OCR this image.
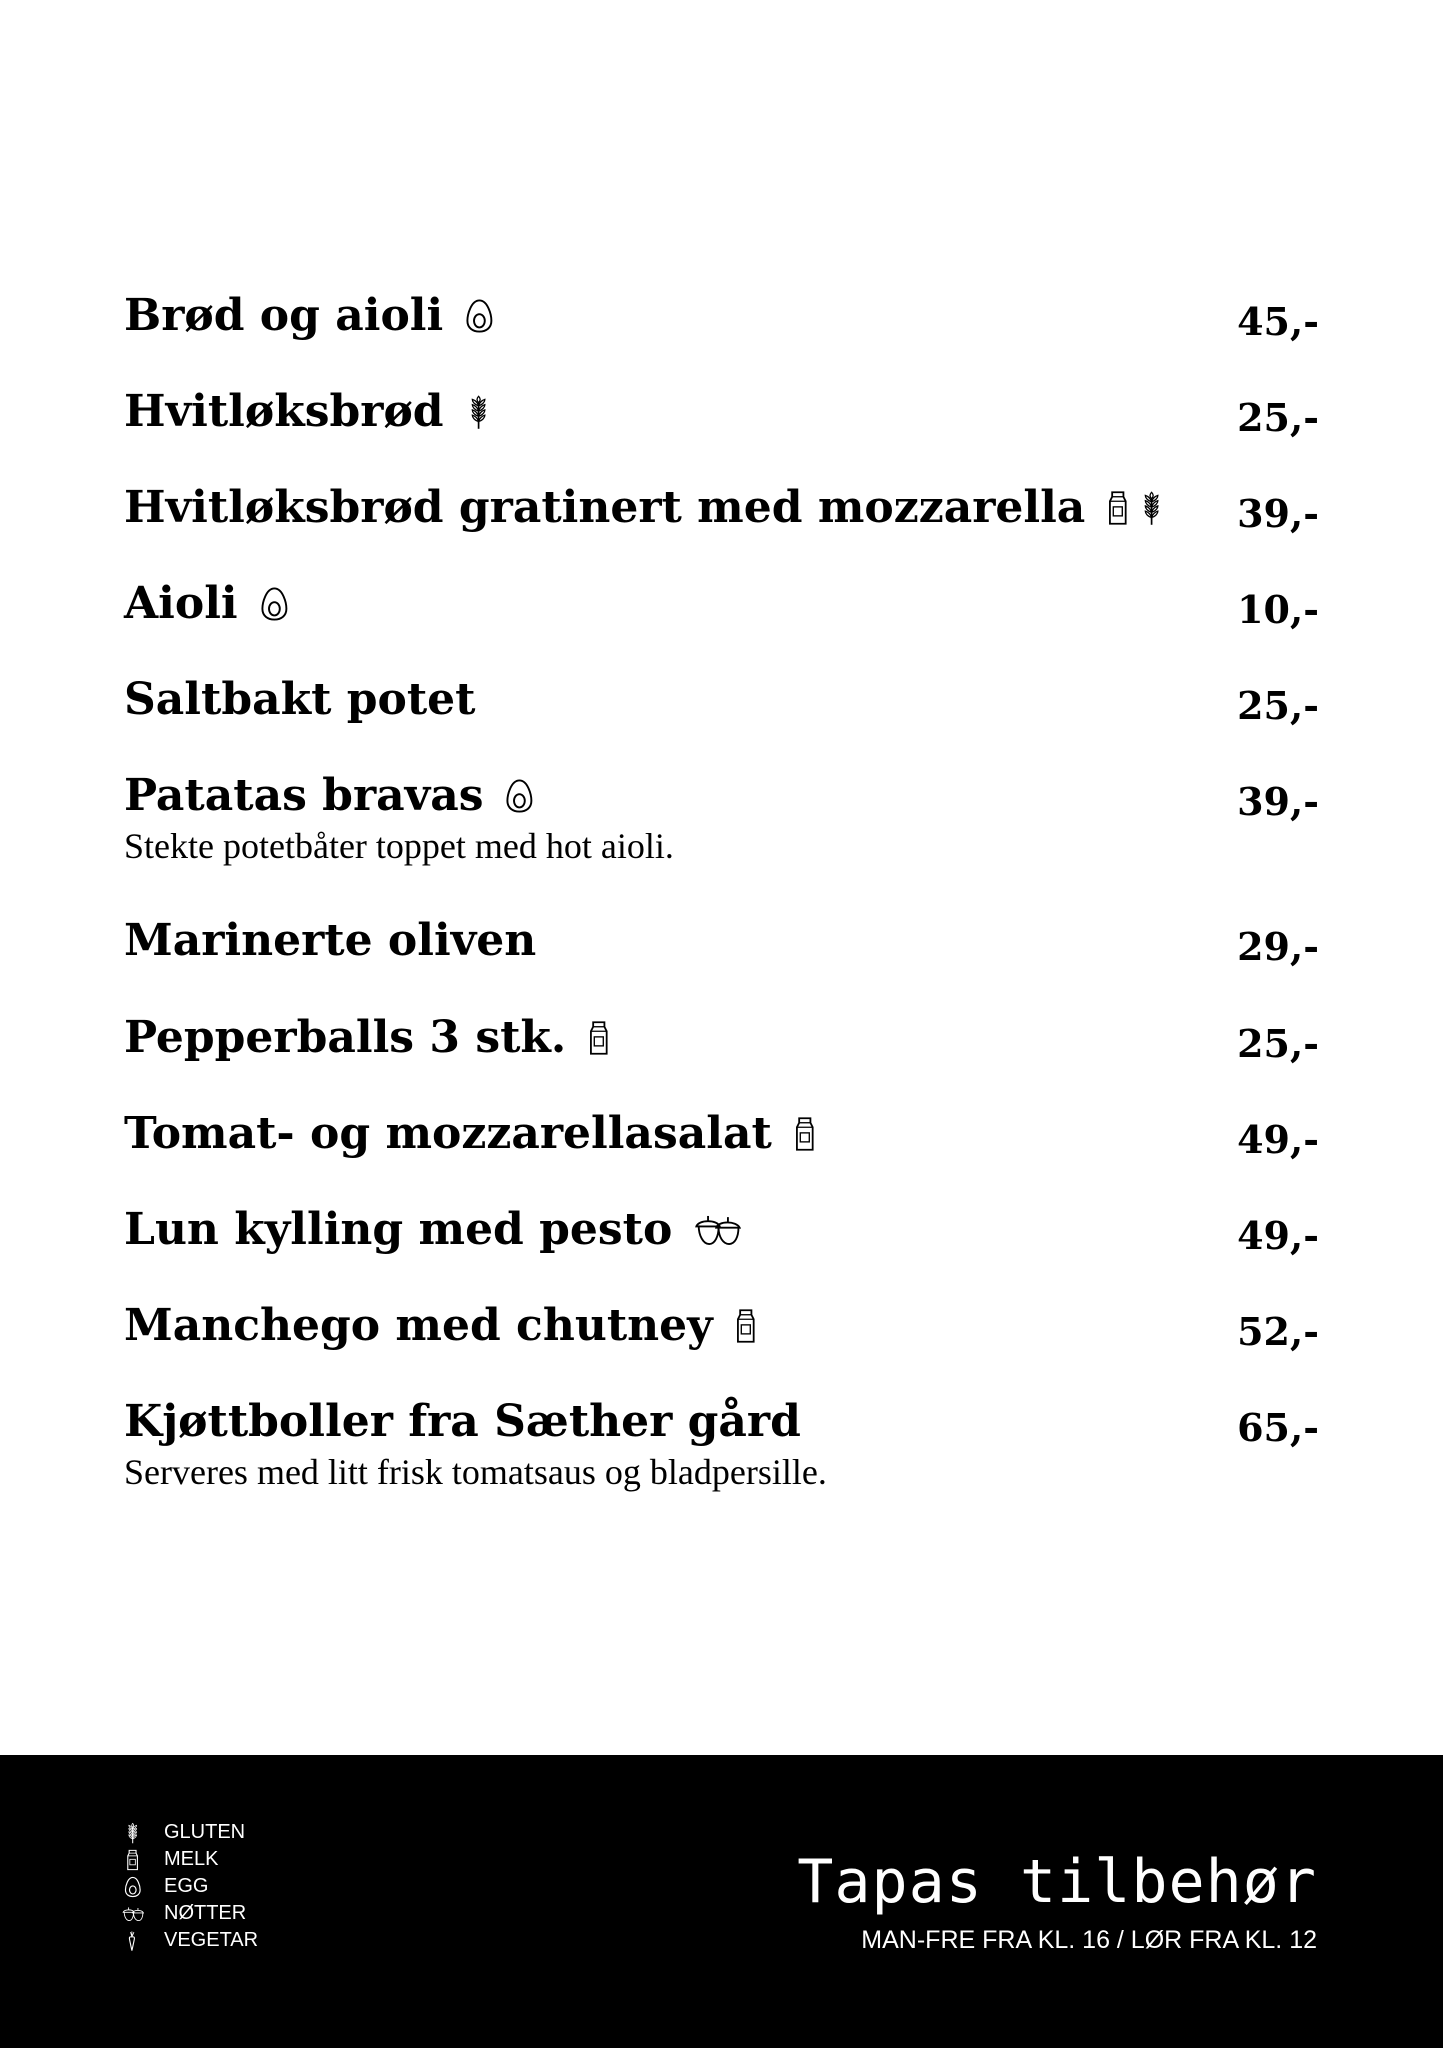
Brød og aioli	45,-
Hvitløksbrød	25,-
Hvitløksbrød gratinert med mozzarella	39,-
Aioli	10,-
Saltbakt potet	25,-
Patatas bravas	39,-
Stekte potetbåter toppet med hot aioli.
Marinerte oliven	29,-
Pepperballs 3 stk.	25,-
Tomat- og mozzarellasalat	49,-
Lun kylling med pesto	49,-
Manchego med chutney	52,-
Kjøttboller fra Sæther gård	65,-
Serveres med litt frisk tomatsaus og bladpersille.
GLUTEN
MELK
EGG
NØTTER
VEGETAR
Tapas tilbehør
MAN-FRE FRA KL. 16 / LØR FRA KL. 12
